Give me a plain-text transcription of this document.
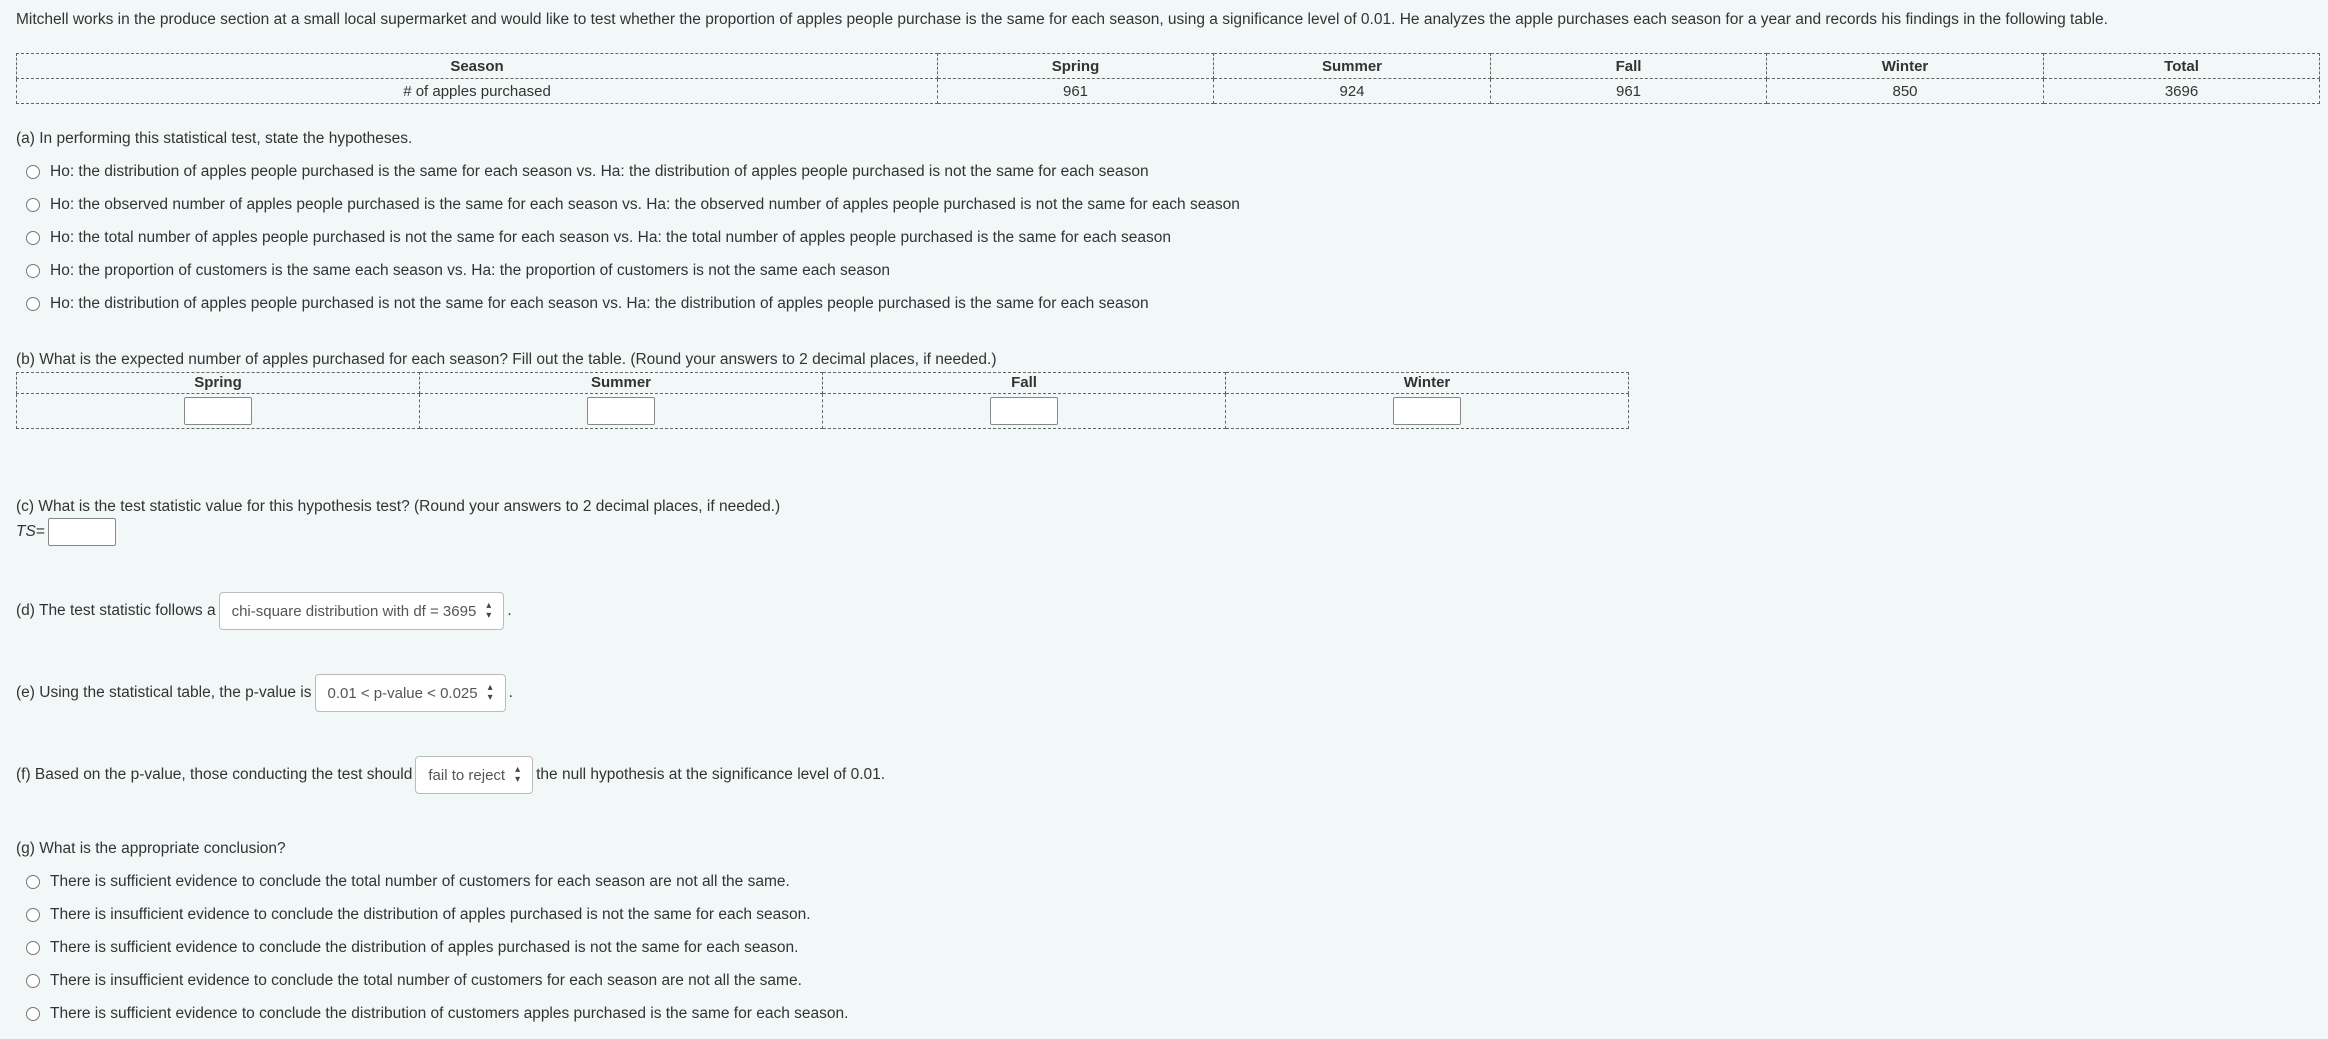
Mitchell works in the produce section at a small local supermarket and would like to test whether the proportion of apples people purchase is the same for each season, using a significance level of 0.01. He analyzes the apple purchases each season for a year and records his findings in the following table.
Season	Spring	Summer	Fall	Winter	Total
# of apples purchased	961	924	961	850	3696
(a) In performing this statistical test, state the hypotheses.
Ho: the distribution of apples people purchased is the same for each season vs. Ha: the distribution of apples people purchased is not the same for each season
Ho: the observed number of apples people purchased is the same for each season vs. Ha: the observed number of apples people purchased is not the same for each season
Ho: the total number of apples people purchased is not the same for each season vs. Ha: the total number of apples people purchased is the same for each season
Ho: the proportion of customers is the same each season vs. Ha: the proportion of customers is not the same each season
Ho: the distribution of apples people purchased is not the same for each season vs. Ha: the distribution of apples people purchased is the same for each season
(b) What is the expected number of apples purchased for each season? Fill out the table. (Round your answers to 2 decimal places, if needed.)
Spring	Summer	Fall	Winter

(c) What is the test statistic value for this hypothesis test? (Round your answers to 2 decimal places, if needed.)
TS =
(d) The test statistic follows a chi-square distribution with df = 3695 ▴
▾ .
(e) Using the statistical table, the p-value is 0.01 < p-value < 0.025 ▴
▾ .
(f) Based on the p-value, those conducting the test should fail to reject ▴
▾ the null hypothesis at the significance level of 0.01.
(g) What is the appropriate conclusion?
There is sufficient evidence to conclude the total number of customers for each season are not all the same.
There is insufficient evidence to conclude the distribution of apples purchased is not the same for each season.
There is sufficient evidence to conclude the distribution of apples purchased is not the same for each season.
There is insufficient evidence to conclude the total number of customers for each season are not all the same.
There is sufficient evidence to conclude the distribution of customers apples purchased is the same for each season.
